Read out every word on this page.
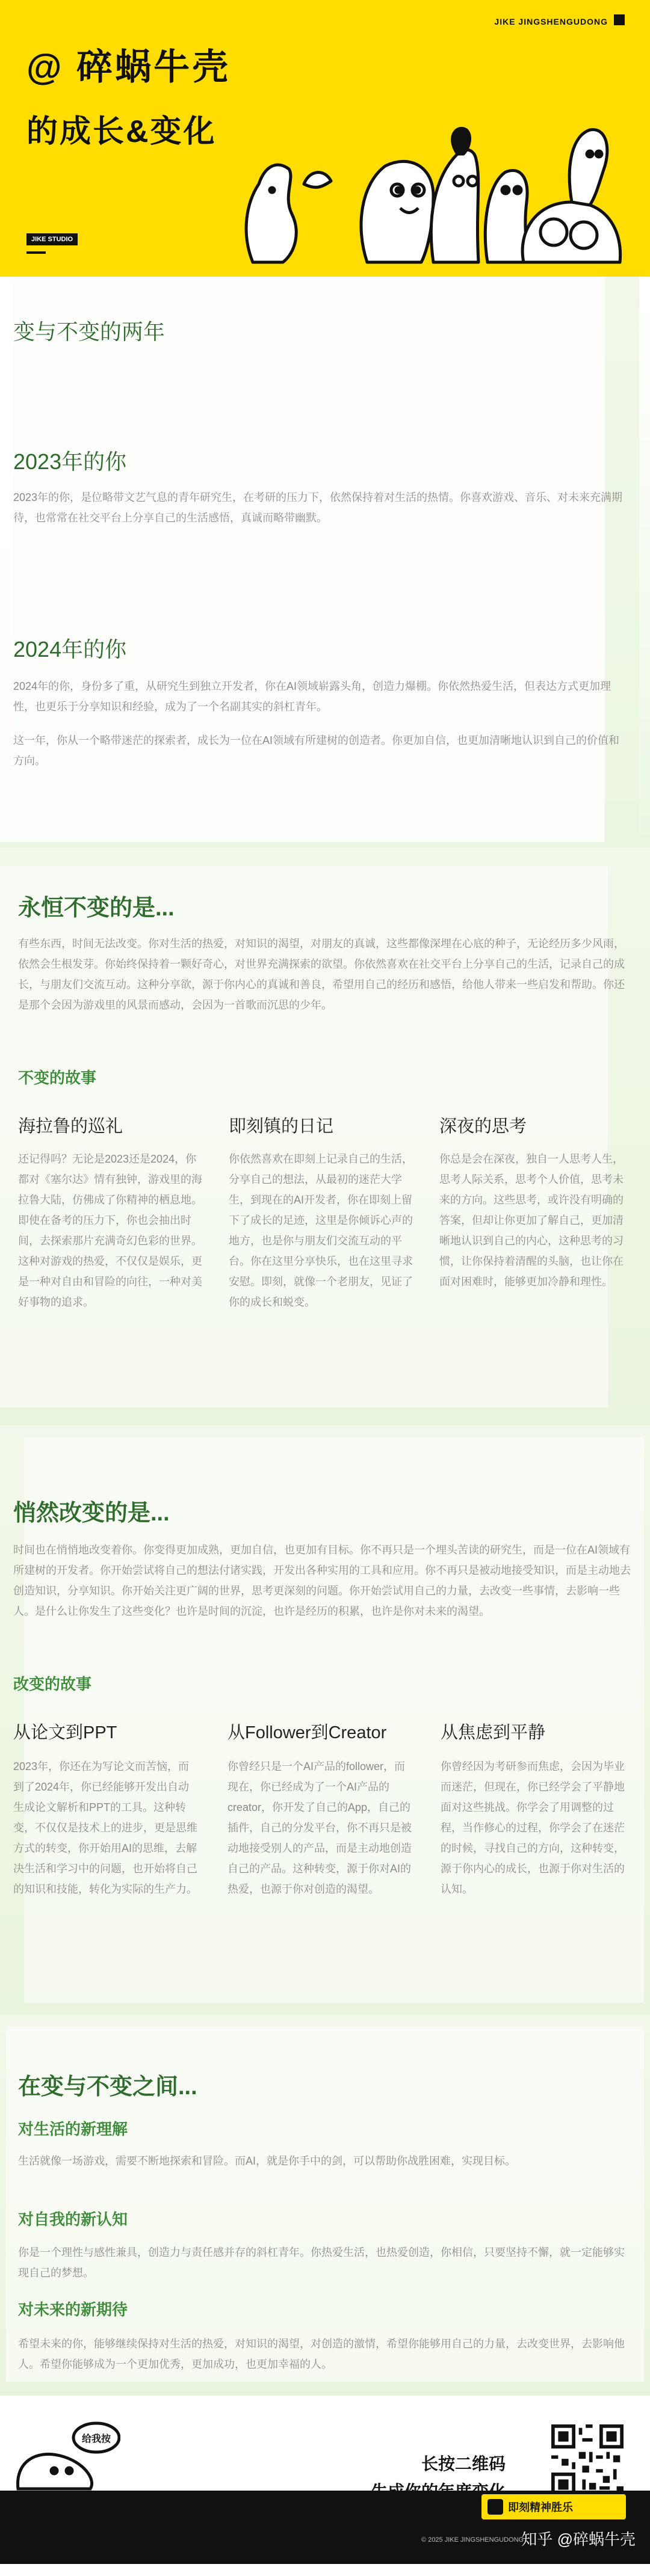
JIKE JINGSHENGUDONG
@ 碎蜗牛壳
的成长&变化
JIKE STUDIO
变与不变的两年
2023年的你
2023年的你，是位略带文艺气息的青年研究生，在考研的压力下，依然保持着对生活的热情。你喜欢游戏、音乐、对未来充满期待，也常常在社交平台上分享自己的生活感悟，真诚而略带幽默。
2024年的你
2024年的你，身份多了重，从研究生到独立开发者，你在AI领域崭露头角，创造力爆棚。你依然热爱生活，但表达方式更加理性，也更乐于分享知识和经验，成为了一个名副其实的斜杠青年。
这一年，你从一个略带迷茫的探索者，成长为一位在AI领域有所建树的创造者。你更加自信，也更加清晰地认识到自己的价值和方向。
永恒不变的是...
有些东西，时间无法改变。你对生活的热爱，对知识的渴望，对朋友的真诚，这些都像深埋在心底的种子，无论经历多少风雨，依然会生根发芽。你始终保持着一颗好奇心，对世界充满探索的欲望。你依然喜欢在社交平台上分享自己的生活，记录自己的成长，与朋友们交流互动。这种分享欲，源于你内心的真诚和善良，希望用自己的经历和感悟，给他人带来一些启发和帮助。你还是那个会因为游戏里的风景而感动，会因为一首歌而沉思的少年。
不变的故事
海拉鲁的巡礼
还记得吗？无论是2023还是2024，你都对《塞尔达》情有独钟，游戏里的海拉鲁大陆，仿佛成了你精神的栖息地。即使在备考的压力下，你也会抽出时间，去探索那片充满奇幻色彩的世界。这种对游戏的热爱，不仅仅是娱乐，更是一种对自由和冒险的向往，一种对美好事物的追求。
即刻镇的日记
你依然喜欢在即刻上记录自己的生活，分享自己的想法，从最初的迷茫大学生，到现在的AI开发者，你在即刻上留下了成长的足迹，这里是你倾诉心声的地方，也是你与朋友们交流互动的平台。你在这里分享快乐，也在这里寻求安慰。即刻，就像一个老朋友，见证了你的成长和蜕变。
深夜的思考
你总是会在深夜，独自一人思考人生，思考人际关系，思考个人价值，思考未来的方向。这些思考，或许没有明确的答案，但却让你更加了解自己，更加清晰地认识到自己的内心，这种思考的习惯，让你保持着清醒的头脑，也让你在面对困难时，能够更加冷静和理性。
悄然改变的是...
时间也在悄悄地改变着你。你变得更加成熟，更加自信，也更加有目标。你不再只是一个埋头苦读的研究生，而是一位在AI领域有所建树的开发者。你开始尝试将自己的想法付诸实践，开发出各种实用的工具和应用。你不再只是被动地接受知识，而是主动地去创造知识，分享知识。你开始关注更广阔的世界，思考更深刻的问题。你开始尝试用自己的力量，去改变一些事情，去影响一些人。是什么让你发生了这些变化？也许是时间的沉淀，也许是经历的积累，也许是你对未来的渴望。
改变的故事
从论文到PPT
2023年，你还在为写论文而苦恼，而到了2024年，你已经能够开发出自动生成论文解析和PPT的工具。这种转变，不仅仅是技术上的进步，更是思维方式的转变，你开始用AI的思维，去解决生活和学习中的问题，也开始将自己的知识和技能，转化为实际的生产力。
从Follower到Creator
你曾经只是一个AI产品的follower，而现在，你已经成为了一个AI产品的creator，你开发了自己的App，自己的插件，自己的分发平台，你不再只是被动地接受别人的产品，而是主动地创造自己的产品。这种转变，源于你对AI的热爱，也源于你对创造的渴望。
从焦虑到平静
你曾经因为考研参而焦虑，会因为毕业而迷茫，但现在，你已经学会了平静地面对这些挑战。你学会了用调整的过程，当作修心的过程，你学会了在迷茫的时候，寻找自己的方向，这种转变，源于你内心的成长，也源于你对生活的认知。
在变与不变之间...
对生活的新理解
生活就像一场游戏，需要不断地探索和冒险。而AI，就是你手中的剑，可以帮助你战胜困难，实现目标。
对自我的新认知
你是一个理性与感性兼具，创造力与责任感并存的斜杠青年。你热爱生活，也热爱创造，你相信，只要坚持不懈，就一定能够实现自己的梦想。
对未来的新期待
希望未来的你，能够继续保持对生活的热爱，对知识的渴望，对创造的激情，希望你能够用自己的力量，去改变世界，去影响他人。希望你能够成为一个更加优秀，更加成功，也更加幸福的人。
给我按
长按二维码
即刻精神胜乐
© 2025 JIKE JINGSHENGUDONG
知乎 @碎蜗牛壳
